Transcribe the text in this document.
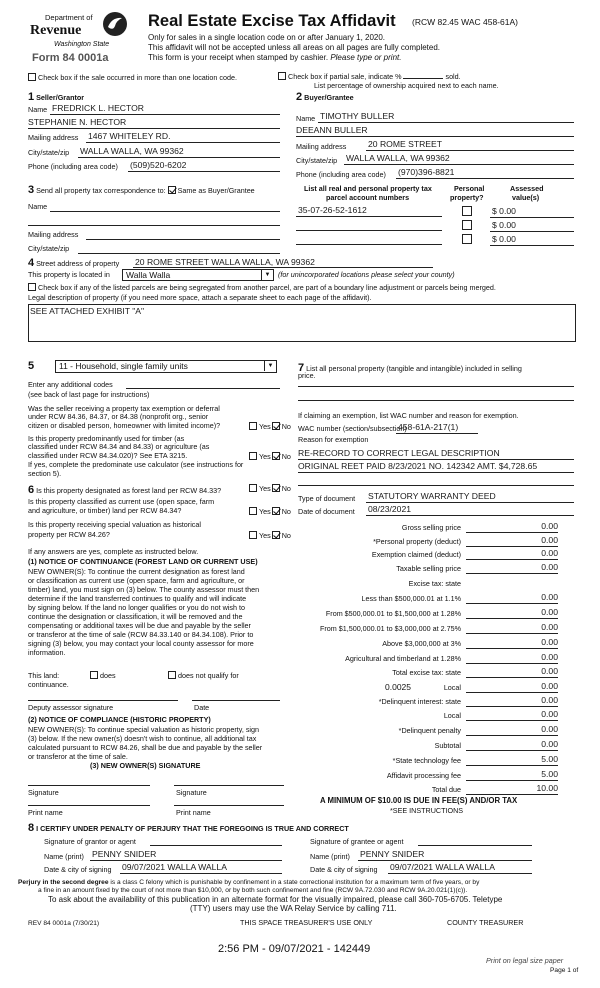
Department of
Revenue
Washington State
Form 84 0001a
Real Estate Excise Tax Affidavit (RCW 82.45 WAC 458-61A)
Only for sales in a single location code on or after January 1, 2020.
This affidavit will not be accepted unless all areas on all pages are fully completed.
This form is your receipt when stamped by cashier. Please type or print.
Check box if the sale occurred in more than one location code.	Check box if partial sale, indicate %	sold.
List percentage of ownership acquired next to each name.
1 Seller/Grantor
Name FREDRICK L. HECTOR
STEPHANIE N. HECTOR
Mailing address 1467 WHITELEY RD.
City/state/zip WALLA WALLA, WA 99362
Phone (including area code) (509)520-6202
2 Buyer/Grantee
Name TIMOTHY BULLER
DEEANN BULLER
Mailing address	20 ROME STREET
City/state/zip WALLA WALLA, WA 99362
Phone (including area code) (970)396-8821
3 Send all property tax correspondence to: Same as Buyer/Grantee
Name
Mailing address
City/state/zip
List all real and personal property tax
parcel account numbers
Personal
property?
Assessed
value(s)
35-07-26-52-1612	$ 0.00
$ 0.00
$ 0.00
4 Street address of property 20 ROME STREET WALLA WALLA, WA 99362
This property is located in	Walla Walla	▼	(for unincorporated locations please select your county)
Check box if any of the listed parcels are being segregated from another parcel, are part of a boundary line adjustment or parcels being merged.
Legal description of property (if you need more space, attach a separate sheet to each page of the affidavit).
SEE ATTACHED EXHIBIT "A"
5	11 - Household, single family units	▼
Enter any additional codes
(see back of last page for instructions)
Was the seller receiving a property tax exemption or deferral
under RCW 84.36, 84.37, or 84.38 (nonprofit org., senior
citizen or disabled person, homeowner with limited income)?	Yes No
Is this property predominantly used for timber (as
classified under RCW 84.34 and 84.33) or agriculture (as
classified under RCW 84.34.020)? See ETA 3215.	Yes No
If yes, complete the predominate use calculator (see instructions for
section 5).
6 Is this property designated as forest land per RCW 84.33?	Yes No
Is this property classified as current use (open space, farm
and agriculture, or timber) land per RCW 84.34?	Yes No
Is this property receiving special valuation as historical
property per RCW 84.26?	Yes No
If any answers are yes, complete as instructed below.
(1) NOTICE OF CONTINUANCE (FOREST LAND OR CURRENT USE)
NEW OWNER(S): To continue the current designation as forest land
or classification as current use (open space, farm and agriculture, or
timber) land, you must sign on (3) below. The county assessor must then
determine if the land transferred continues to qualify and will indicate
by signing below. If the land no longer qualifies or you do not wish to
continue the designation or classification, it will be removed and the
compensating or additional taxes will be due and payable by the seller
or transferor at the time of sale (RCW 84.33.140 or 84.34.108). Prior to
signing (3) below, you may contact your local county assessor for more
information.
This land:	does	does not qualify for
continuance.
Deputy assessor signature	Date
(2) NOTICE OF COMPLIANCE (HISTORIC PROPERTY)
NEW OWNER(S): To continue special valuation as historic property, sign
(3) below. If the new owner(s) doesn't wish to continue, all additional tax
calculated pursuant to RCW 84.26, shall be due and payable by the seller
or transferor at the time of sale.
(3) NEW OWNER(S) SIGNATURE
Signature	Signature
Print name	Print name
7 List all personal property (tangible and intangible) included in selling
price.
If claiming an exemption, list WAC number and reason for exemption.
WAC number (section/subsection)
458-61A-217(1)
Reason for exemption
RE-RECORD TO CORRECT LEGAL DESCRIPTION
ORIGINAL REET PAID 8/23/2021 NO. 142342 AMT. $4,728.65
Type of document STATUTORY WARRANTY DEED
Date of document 08/23/2021
Gross selling price	0.00
*Personal property (deduct)	0.00
Exemption claimed (deduct)	0.00
Taxable selling price	0.00
Excise tax: state
Less than $500,000.01 at 1.1%	0.00
From $500,000.01 to $1,500,000 at 1.28%	0.00
From $1,500,000.01 to $3,000,000 at 2.75%	0.00
Above $3,000,000 at 3%	0.00
Agricultural and timberland at 1.28%	0.00
Total excise tax: state	0.00
Local	0.00
*Delinquent interest: state	0.00
Local	0.00
*Delinquent penalty	0.00
Subtotal	0.00
*State technology fee	5.00
Affidavit processing fee	5.00
Total due	10.00
0.0025
A MINIMUM OF $10.00 IS DUE IN FEE(S) AND/OR TAX
*SEE INSTRUCTIONS
8 I CERTIFY UNDER PENALTY OF PERJURY THAT THE FOREGOING IS TRUE AND CORRECT
Signature of grantor or agent	Signature of grantee or agent
Name (print) PENNY SNIDER	Name (print) PENNY SNIDER
Date & city of signing 09/07/2021 WALLA WALLA	Date & city of signing 09/07/2021 WALLA WALLA
Perjury in the second degree is a class C felony which is punishable by confinement in a state correctional institution for a maximum term of five years, or by
a fine in an amount fixed by the court of not more than $10,000, or by both such confinement and fine (RCW 9A.72.030 and RCW 9A.20.021(1)(c)).
To ask about the availability of this publication in an alternate format for the visually impaired, please call 360-705-6705. Teletype
(TTY) users may use the WA Relay Service by calling 711.
REV 84 0001a (7/30/21)	THIS SPACE TREASURER'S USE ONLY	COUNTY TREASURER
2:56 PM - 09/07/2021 - 142449
Print on legal size paper
Page 1 of
